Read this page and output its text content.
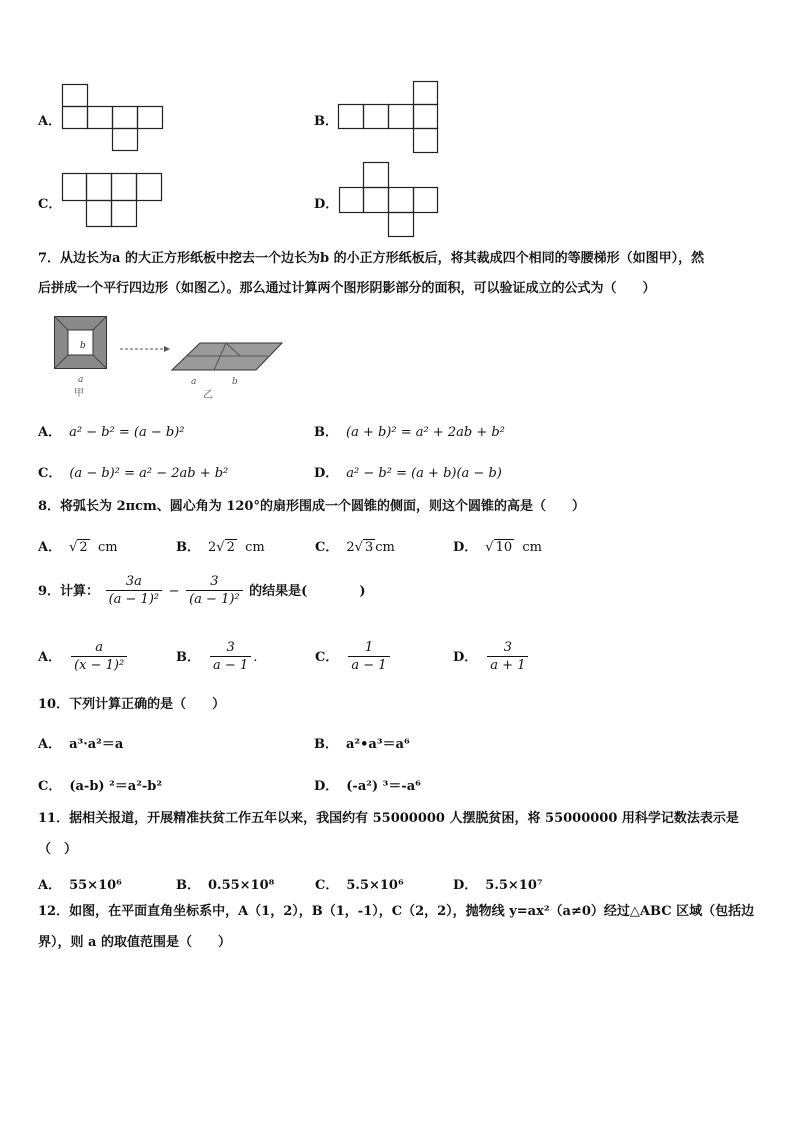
A．	B．
C．	D．
7．从边长为a 的大正方形纸板中挖去一个边长为b 的小正方形纸板后，将其裁成四个相同的等腰梯形（如图甲），然
后拼成一个平行四边形（如图乙）。那么通过计算两个图形阴影部分的面积，可以验证成立的公式为（　　）
b
a
甲
a	b
乙
A． a² − b² = (a − b)²	B． (a + b)² = a² + 2ab + b²
C． (a − b)² = a² − 2ab + b²	D． a² − b² = (a + b)(a − b)
8．将弧长为 2πcm、圆心角为 120°的扇形围成一个圆锥的侧面，则这个圆锥的高是（　　）
A． √ 2 cm	B． 2√ 2 cm	C． 2√ 3 cm	D． √ 10 cm
9．计算： $\frac{3a}{\text{(a − 1)²}} - \frac{3}{\text{(a − 1)²}}$ 的结果是(　　　　)
A． $\frac{a}{\text{(x − 1)²}}$	B． $\frac{3}{a - 1}$ .	C． $\frac{1}{a - 1}$	D． $\frac{3}{a + 1}$
10．下列计算正确的是（　　）
A． a³·a²＝a	B． a²•a³＝a⁶
C． (a-b) ²＝a²-b²	D． (-a²) ³＝-a⁶
11．据相关报道，开展精准扶贫工作五年以来，我国约有 55000000 人摆脱贫困，将 55000000 用科学记数法表示是
（　）
A． 55×10⁶	B． 0.55×10⁸	C． 5.5×10⁶	D． 5.5×10⁷
12．如图，在平面直角坐标系中，A（1，2），B（1，-1），C（2，2），抛物线 y=ax²（a≠0）经过△ABC 区域（包括边
界），则 a 的取值范围是（　　）
